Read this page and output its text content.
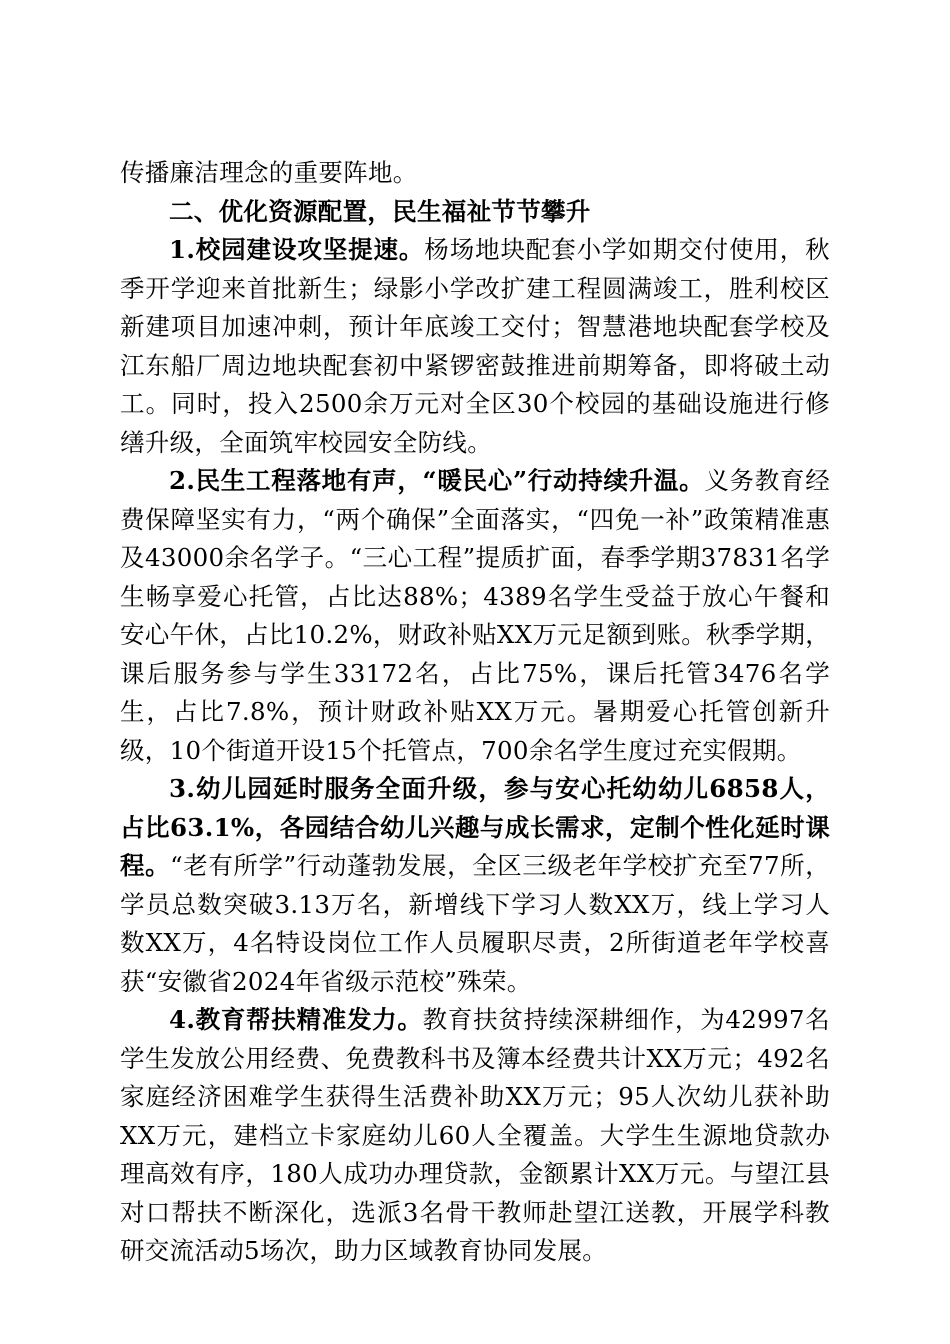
传播廉洁理念的重要阵地。

二、优化资源配置，民生福祉节节攀升

1.校园建设攻坚提速。杨场地块配套小学如期交付使用，秋季开学迎来首批新生；绿影小学改扩建工程圆满竣工，胜利校区新建项目加速冲刺，预计年底竣工交付；智慧港地块配套学校及江东船厂周边地块配套初中紧锣密鼓推进前期筹备，即将破土动工。同时，投入2500余万元对全区30个校园的基础设施进行修缮升级，全面筑牢校园安全防线。

2.民生工程落地有声，“暖民心”行动持续升温。义务教育经费保障坚实有力，“两个确保”全面落实，“四免一补”政策精准惠及43000余名学子。“三心工程”提质扩面，春季学期37831名学生畅享爱心托管，占比达88%；4389名学生受益于放心午餐和安心午休，占比10.2%，财政补贴XX万元足额到账。秋季学期，课后服务参与学生33172名，占比75%，课后托管3476名学生，占比7.8%，预计财政补贴XX万元。暑期爱心托管创新升级，10个街道开设15个托管点，700余名学生度过充实假期。

3.幼儿园延时服务全面升级，参与安心托幼幼儿6858人，占比63.1%，各园结合幼儿兴趣与成长需求，定制个性化延时课程。“老有所学”行动蓬勃发展，全区三级老年学校扩充至77所，学员总数突破3.13万名，新增线下学习人数XX万，线上学习人数XX万，4名特设岗位工作人员履职尽责，2所街道老年学校喜获“安徽省2024年省级示范校”殊荣。

4.教育帮扶精准发力。教育扶贫持续深耕细作，为42997名学生发放公用经费、免费教科书及簿本经费共计XX万元；492名家庭经济困难学生获得生活费补助XX万元；95人次幼儿获补助XX万元，建档立卡家庭幼儿60人全覆盖。大学生生源地贷款办理高效有序，180人成功办理贷款，金额累计XX万元。与望江县对口帮扶不断深化，选派3名骨干教师赴望江送教，开展学科教研交流活动5场次，助力区域教育协同发展。
